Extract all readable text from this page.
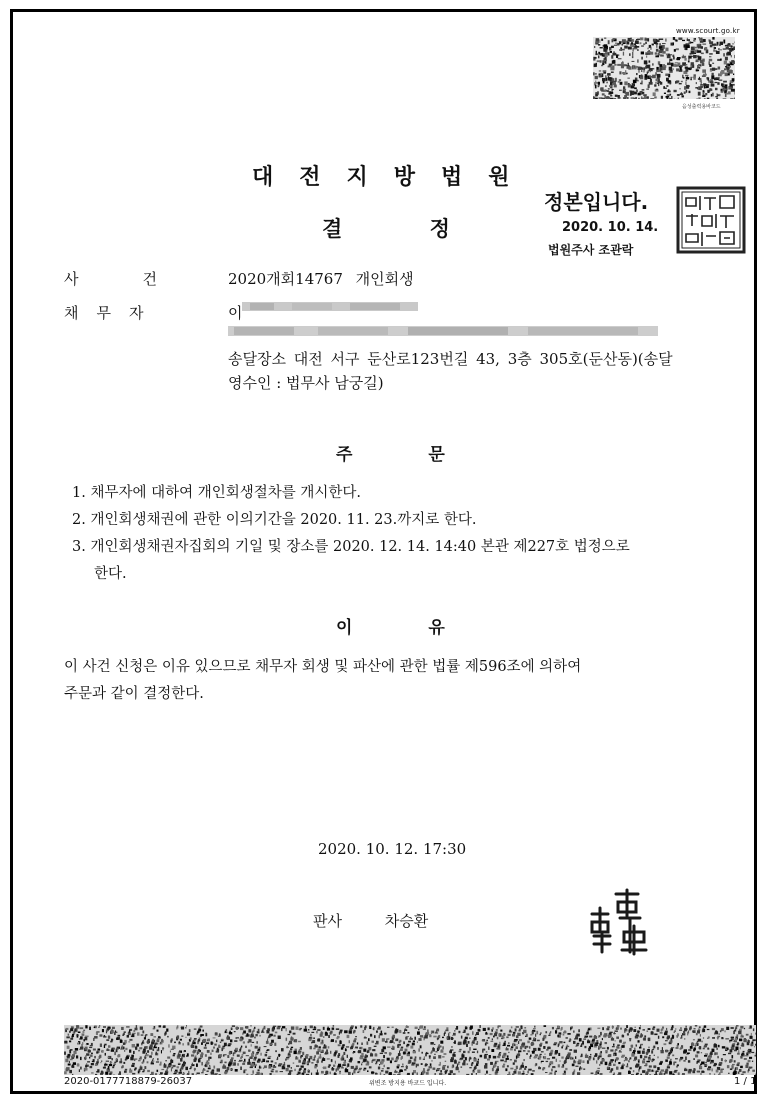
www.scourt.go.kr
음성출력용바코드
대전지방법원
결 정
정본입니다.
2020. 10. 14.
법원주사 조관락
사건 2020개회14767 개인회생
채무자	이
송달장소 대전 서구 둔산로123번길 43, 3층 305호(둔산동)(송달
영수인 : 법무사 남궁길)
주 문
1. 채무자에 대하여 개인회생절차를 개시한다.
2. 개인회생채권에 관한 이의기간을 2020. 11. 23.까지로 한다.
3. 개인회생채권자집회의 기일 및 장소를 2020. 12. 14. 14:40 본관 제227호 법정으로
한다.
이 유
이 사건 신청은 이유 있으므로 채무자 회생 및 파산에 관한 법률 제596조에 의하여
주문과 같이 결정한다.
2020. 10. 12. 17:30
판사	차승환
2020-0177718879-26037	위변조 방지용 바코드 입니다.	1 / 1
